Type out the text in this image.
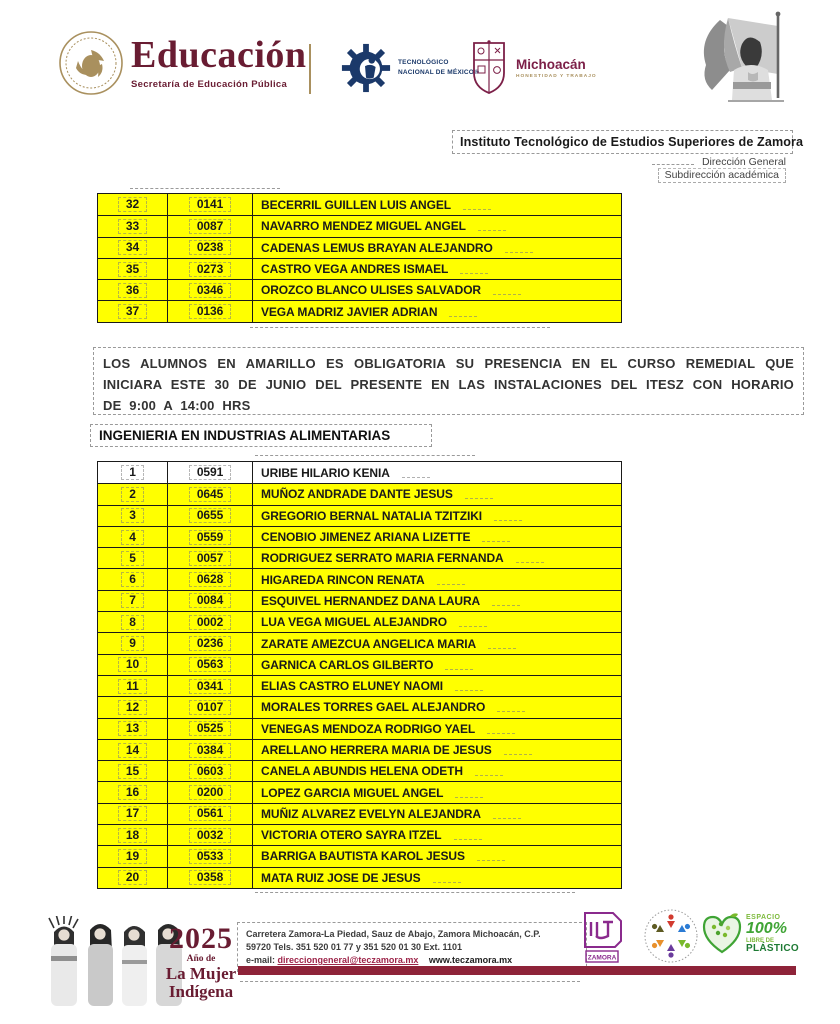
Educación
Secretaría de Educación Pública
TECNOLÓGICO
NACIONAL DE MÉXICO®
Michoacán
HONESTIDAD Y TRABAJO
Instituto Tecnológico de Estudios Superiores de Zamora
Dirección General
Subdirección académica
32	0141	BECERRIL GUILLEN LUIS ANGEL
33	0087	NAVARRO MENDEZ MIGUEL ANGEL
34	0238	CADENAS LEMUS BRAYAN ALEJANDRO
35	0273	CASTRO VEGA ANDRES ISMAEL
36	0346	OROZCO BLANCO ULISES SALVADOR
37	0136	VEGA MADRIZ JAVIER ADRIAN
LOS ALUMNOS EN AMARILLO ES OBLIGATORIA SU PRESENCIA EN EL CURSO REMEDIAL QUE INICIARA ESTE 30 DE JUNIO DEL PRESENTE EN LAS INSTALACIONES DEL ITESZ CON HORARIO DE 9:00 A 14:00 HRS
INGENIERIA EN INDUSTRIAS ALIMENTARIAS
1	0591	URIBE HILARIO KENIA
2	0645	MUÑOZ ANDRADE DANTE JESUS
3	0655	GREGORIO BERNAL NATALIA TZITZIKI
4	0559	CENOBIO JIMENEZ ARIANA LIZETTE
5	0057	RODRIGUEZ SERRATO MARIA FERNANDA
6	0628	HIGAREDA RINCON RENATA
7	0084	ESQUIVEL HERNANDEZ DANA LAURA
8	0002	LUA VEGA MIGUEL ALEJANDRO
9	0236	ZARATE AMEZCUA ANGELICA MARIA
10	0563	GARNICA CARLOS GILBERTO
11	0341	ELIAS CASTRO ELUNEY NAOMI
12	0107	MORALES TORRES GAEL ALEJANDRO
13	0525	VENEGAS MENDOZA RODRIGO YAEL
14	0384	ARELLANO HERRERA MARIA DE JESUS
15	0603	CANELA ABUNDIS HELENA ODETH
16	0200	LOPEZ GARCIA MIGUEL ANGEL
17	0561	MUÑIZ ALVAREZ EVELYN ALEJANDRA
18	0032	VICTORIA OTERO SAYRA ITZEL
19	0533	BARRIGA BAUTISTA KAROL JESUS
20	0358	MATA RUIZ JOSE DE JESUS
2025
Año de
La Mujer
Indígena
Carretera Zamora-La Piedad, Sauz de Abajo, Zamora Michoacán, C.P.
59720 Tels. 351 520 01 77 y 351 520 01 30 Ext. 1101
e-mail: direcciongeneral@teczamora.mx www.teczamora.mx	ZAMORA
ESPACIO
100%
LIBRE DE
PLÁSTICO
